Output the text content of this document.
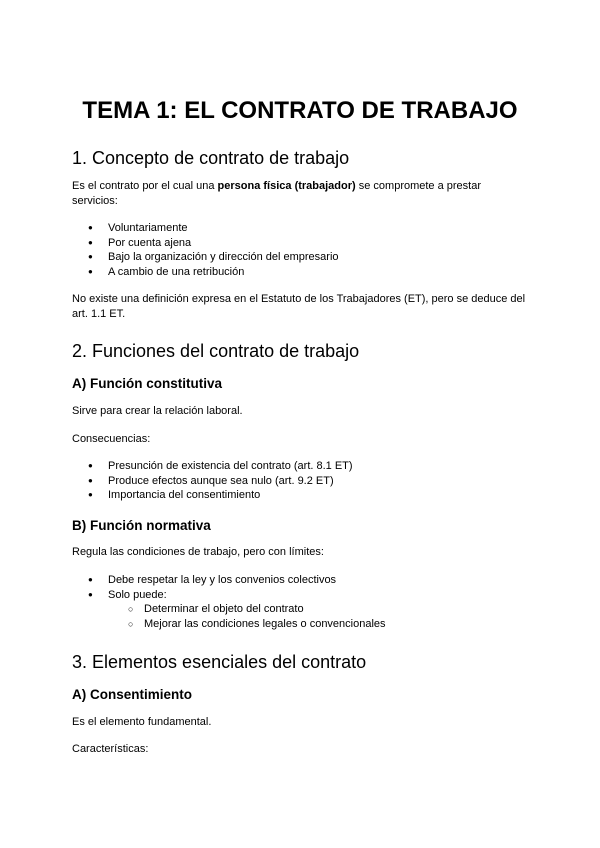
TEMA 1: EL CONTRATO DE TRABAJO
1. Concepto de contrato de trabajo

Es el contrato por el cual una persona física (trabajador) se compromete a prestar servicios:

● Voluntariamente
● Por cuenta ajena
● Bajo la organización y dirección del empresario
● A cambio de una retribución

No existe una definición expresa en el Estatuto de los Trabajadores (ET), pero se deduce del art. 1.1 ET.

2. Funciones del contrato de trabajo
A) Función constitutiva

Sirve para crear la relación laboral.

Consecuencias:

● Presunción de existencia del contrato (art. 8.1 ET)
● Produce efectos aunque sea nulo (art. 9.2 ET)
● Importancia del consentimiento
B) Función normativa

Regula las condiciones de trabajo, pero con límites:

● Debe respetar la ley y los convenios colectivos
● Solo puede:
○ Determinar el objeto del contrato
○ Mejorar las condiciones legales o convencionales
3. Elementos esenciales del contrato
A) Consentimiento

Es el elemento fundamental.

Características:
